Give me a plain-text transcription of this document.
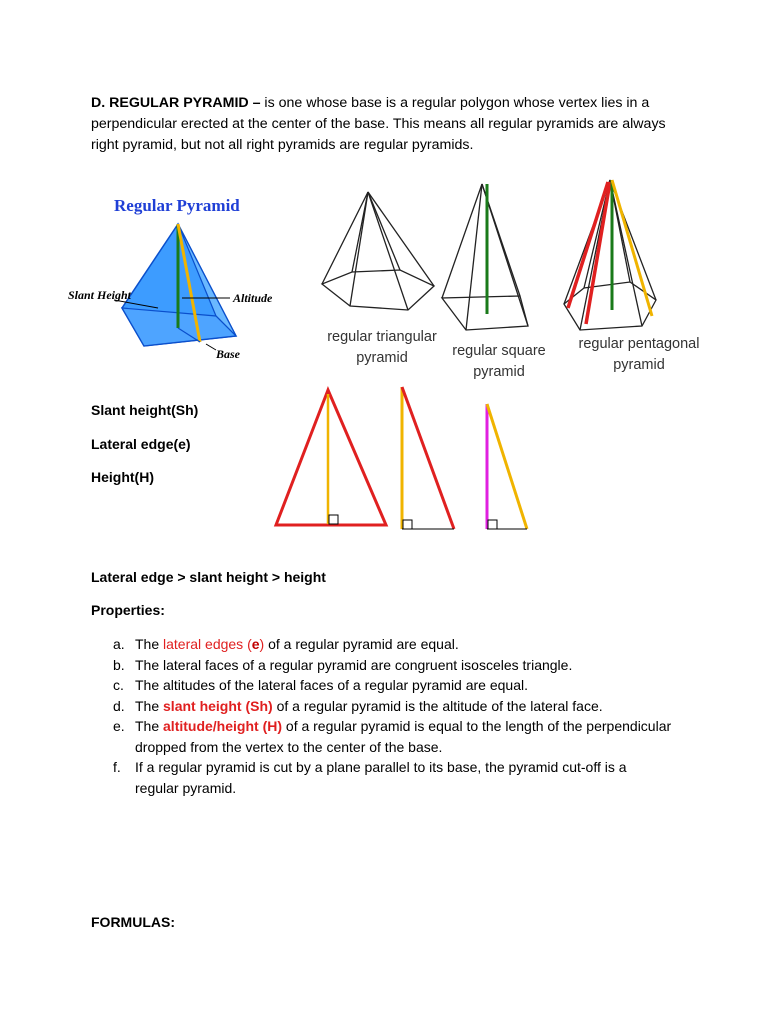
D. REGULAR PYRAMID – is one whose base is a regular polygon whose vertex lies in a perpendicular erected at the center of the base. This means all regular pyramids are always right pyramid, but not all right pyramids are regular pyramids.
Regular Pyramid
Slant Height	Altitude
Base
regular triangular
pyramid	regular square
pyramid
regular pentagonal
pyramid
Slant height(Sh)
Lateral edge(e)
Height(H)
Lateral edge > slant height > height
Properties:
a. The lateral edges (e) of a regular pyramid are equal.
b. The lateral faces of a regular pyramid are congruent isosceles triangle.
c. The altitudes of the lateral faces of a regular pyramid are equal.
d. The slant height (Sh) of a regular pyramid is the altitude of the lateral face.
e. The altitude/height (H) of a regular pyramid is equal to the length of the perpendicular dropped from the vertex to the center of the base.
f.	If a regular pyramid is cut by a plane parallel to its base, the pyramid cut-off is a regular pyramid.
FORMULAS:
